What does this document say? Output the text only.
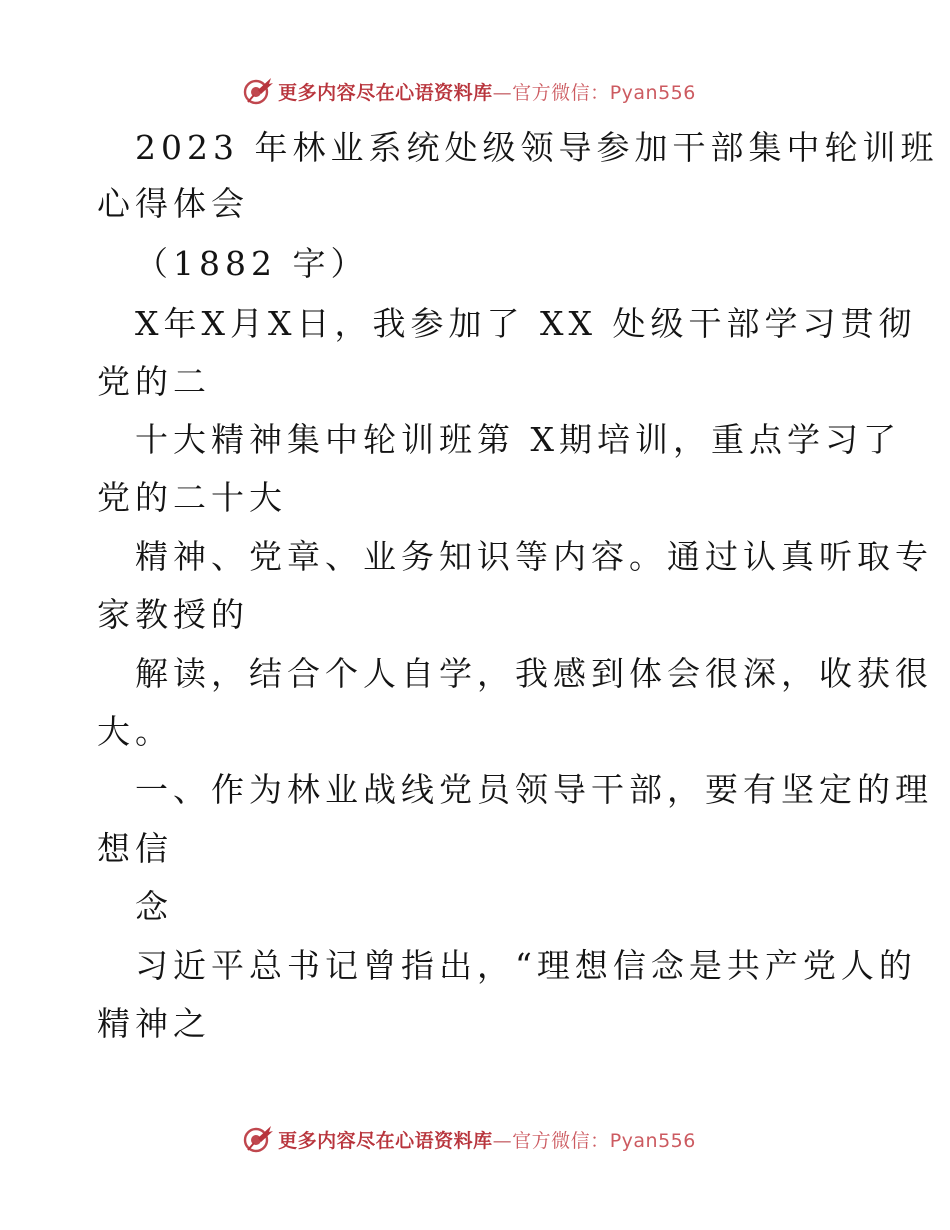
更多内容尽在心语资料库—官方微信：Pyan556
2023 年林业系统处级领导参加干部集中轮训班
心得体会
（1882 字）
X年X月X日，我参加了 XX 处级干部学习贯彻
党的二
十大精神集中轮训班第 X期培训，重点学习了
党的二十大
精神、党章、业务知识等内容。通过认真听取专
家教授的
解读，结合个人自学，我感到体会很深，收获很
大。
一、作为林业战线党员领导干部，要有坚定的理
想信
念
习近平总书记曾指出，“理想信念是共产党人的
精神之
更多内容尽在心语资料库—官方微信：Pyan556
